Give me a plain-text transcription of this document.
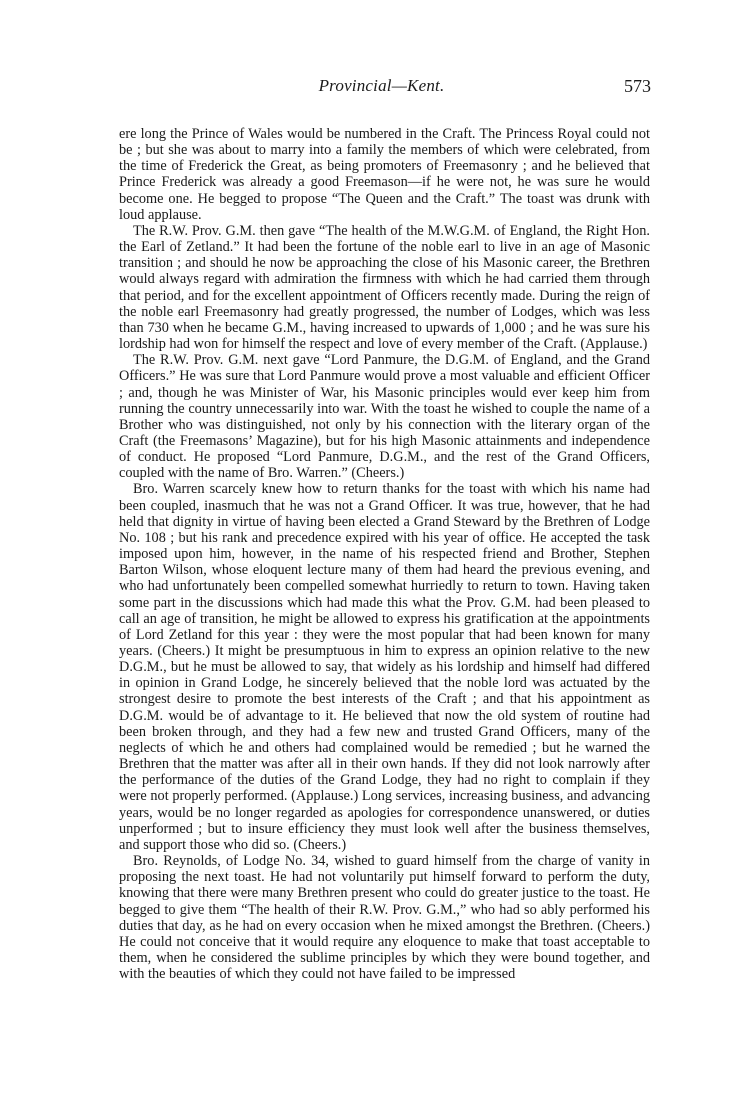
Provincial—Kent.	573

ere long the Prince of Wales would be numbered in the Craft. The Princess Royal could not be ; but she was about to marry into a family the members of which were celebrated, from the time of Frederick the Great, as being promoters of Freemasonry ; and he believed that Prince Frederick was already a good Freemason—if he were not, he was sure he would become one. He begged to propose “The Queen and the Craft.” The toast was drunk with loud applause.

The R.W. Prov. G.M. then gave “The health of the M.W.G.M. of England, the Right Hon. the Earl of Zetland.” It had been the fortune of the noble earl to live in an age of Masonic transition ; and should he now be approaching the close of his Masonic career, the Brethren would always regard with admiration the firmness with which he had carried them through that period, and for the excellent appointment of Officers recently made. During the reign of the noble earl Freemasonry had greatly progressed, the number of Lodges, which was less than 730 when he became G.M., having increased to upwards of 1,000 ; and he was sure his lordship had won for himself the respect and love of every member of the Craft. (Applause.)

The R.W. Prov. G.M. next gave “Lord Panmure, the D.G.M. of England, and the Grand Officers.” He was sure that Lord Panmure would prove a most valuable and efficient Officer ; and, though he was Minister of War, his Masonic principles would ever keep him from running the country unnecessarily into war. With the toast he wished to couple the name of a Brother who was distinguished, not only by his connection with the literary organ of the Craft (the Freemasons’ Magazine), but for his high Masonic attainments and independence of conduct. He proposed “Lord Panmure, D.G.M., and the rest of the Grand Officers, coupled with the name of Bro. Warren.” (Cheers.)

Bro. Warren scarcely knew how to return thanks for the toast with which his name had been coupled, inasmuch that he was not a Grand Officer. It was true, however, that he had held that dignity in virtue of having been elected a Grand Steward by the Brethren of Lodge No. 108 ; but his rank and precedence expired with his year of office. He accepted the task imposed upon him, however, in the name of his respected friend and Brother, Stephen Barton Wilson, whose eloquent lecture many of them had heard the previous evening, and who had unfortunately been compelled somewhat hurriedly to return to town. Having taken some part in the discussions which had made this what the Prov. G.M. had been pleased to call an age of transition, he might be allowed to express his gratification at the appointments of Lord Zetland for this year : they were the most popular that had been known for many years. (Cheers.) It might be presumptuous in him to express an opinion relative to the new D.G.M., but he must be allowed to say, that widely as his lordship and himself had differed in opinion in Grand Lodge, he sincerely believed that the noble lord was actuated by the strongest desire to promote the best interests of the Craft ; and that his appointment as D.G.M. would be of advantage to it. He believed that now the old system of routine had been broken through, and they had a few new and trusted Grand Officers, many of the neglects of which he and others had complained would be remedied ; but he warned the Brethren that the matter was after all in their own hands. If they did not look narrowly after the performance of the duties of the Grand Lodge, they had no right to complain if they were not properly performed. (Applause.) Long services, increasing business, and advancing years, would be no longer regarded as apologies for correspondence unanswered, or duties unperformed ; but to insure efficiency they must look well after the business themselves, and support those who did so. (Cheers.)

Bro. Reynolds, of Lodge No. 34, wished to guard himself from the charge of vanity in proposing the next toast. He had not voluntarily put himself forward to perform the duty, knowing that there were many Brethren present who could do greater justice to the toast. He begged to give them “The health of their R.W. Prov. G.M.,” who had so ably performed his duties that day, as he had on every occasion when he mixed amongst the Brethren. (Cheers.) He could not conceive that it would require any eloquence to make that toast acceptable to them, when he considered the sublime principles by which they were bound together, and with the beauties of which they could not have failed to be impressed
